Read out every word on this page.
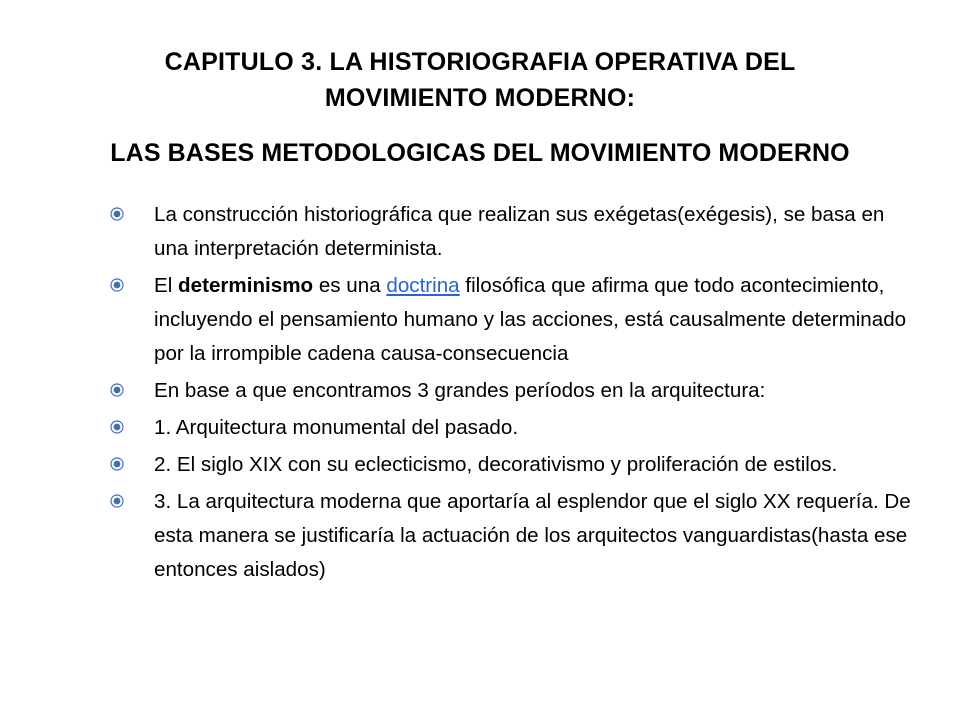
CAPITULO 3. LA HISTORIOGRAFIA OPERATIVA DEL
MOVIMIENTO MODERNO:
LAS BASES METODOLOGICAS DEL MOVIMIENTO MODERNO
La construcción historiográfica que realizan sus exégetas(exégesis), se basa en una interpretación determinista.
El determinismo es una doctrina filosófica que afirma que todo acontecimiento, incluyendo el pensamiento humano y las acciones, está causalmente determinado por la irrompible cadena causa-consecuencia
En base a que encontramos 3 grandes períodos en la arquitectura:
1. Arquitectura monumental del pasado.
2. El siglo XIX con su eclecticismo, decorativismo y proliferación de estilos.
3. La arquitectura moderna que aportaría al esplendor que el siglo XX requería. De esta manera se justificaría la actuación de los arquitectos vanguardistas(hasta ese entonces aislados)
